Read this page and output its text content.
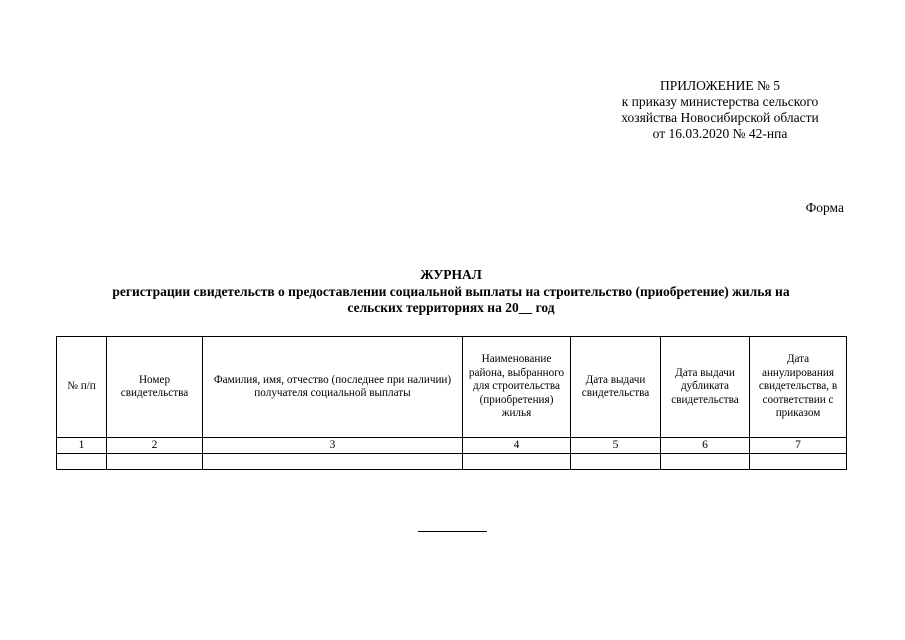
ПРИЛОЖЕНИЕ № 5
к приказу министерства сельского
хозяйства Новосибирской области
от 16.03.2020 № 42-нпа
Форма
ЖУРНАЛ
регистрации свидетельств о предоставлении социальной выплаты на строительство (приобретение) жилья на
сельских территориях на 20__ год
№ п/п	Номер свидетельства	Фамилия, имя, отчество (последнее при наличии) получателя социальной выплаты	Наименование района, выбранного для строительства (приобретения) жилья	Дата выдачи свидетельства	Дата выдачи дубликата свидетельства	Дата аннулирования свидетельства, в соответствии с приказом
1	2	3	4	5	6	7
